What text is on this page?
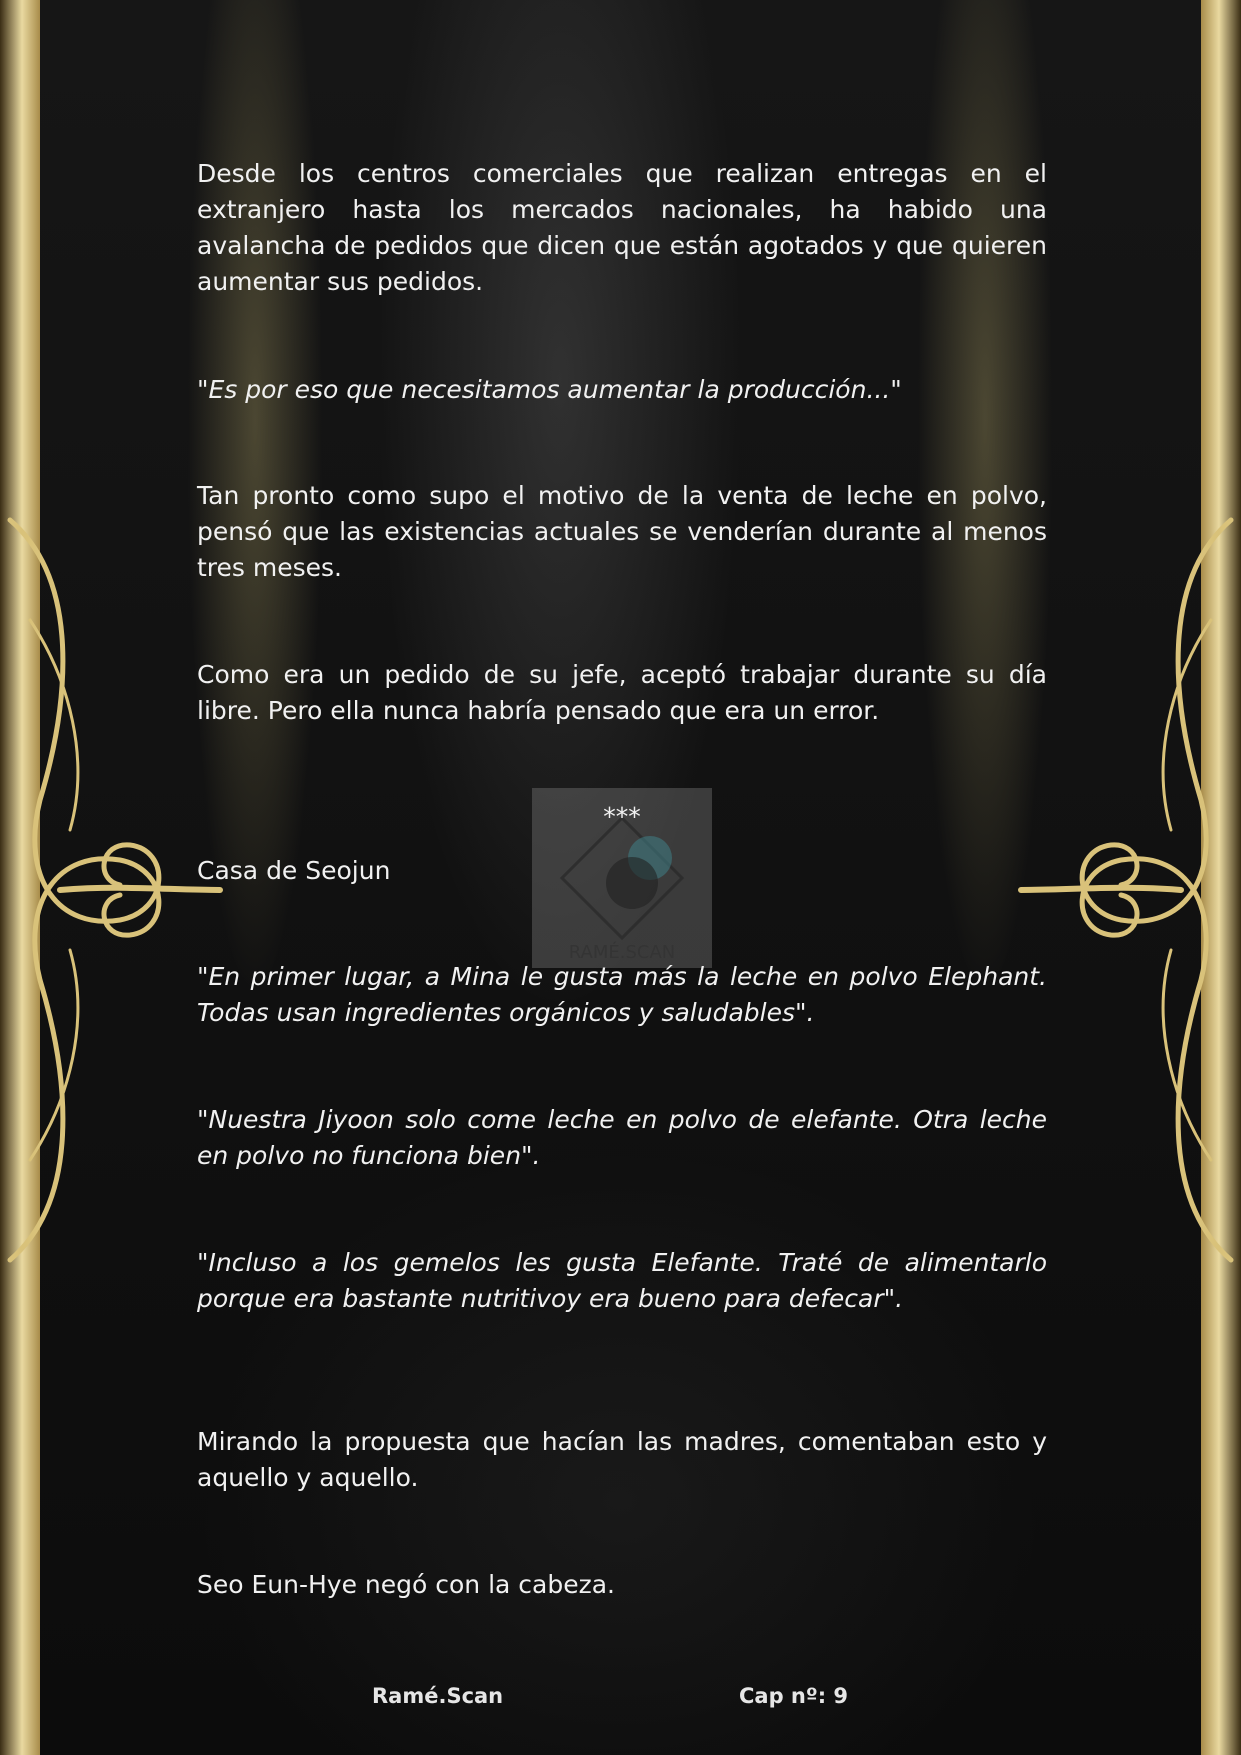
RAMÉ.SCAN

Desde los centros comerciales que realizan entregas en el extranjero hasta los mercados nacionales, ha habido una avalancha de pedidos que dicen que están agotados y que quieren aumentar sus pedidos.

"Es por eso que necesitamos aumentar la producción..."

Tan pronto como supo el motivo de la venta de leche en polvo, pensó que las existencias actuales se venderían durante al menos tres meses.

Como era un pedido de su jefe, aceptó trabajar durante su día libre. Pero ella nunca habría pensado que era un error.

***

Casa de Seojun

"En primer lugar, a Mina le gusta más la leche en polvo Elephant. Todas usan ingredientes orgánicos y saludables".

"Nuestra Jiyoon solo come leche en polvo de elefante. Otra leche en polvo no funciona bien".

"Incluso a los gemelos les gusta Elefante. Traté de alimentarlo porque era bastante nutritivoy era bueno para defecar".

Mirando la propuesta que hacían las madres, comentaban esto y aquello y aquello.

Seo Eun-Hye negó con la cabeza.

Ramé.Scan	Cap nº: 9
